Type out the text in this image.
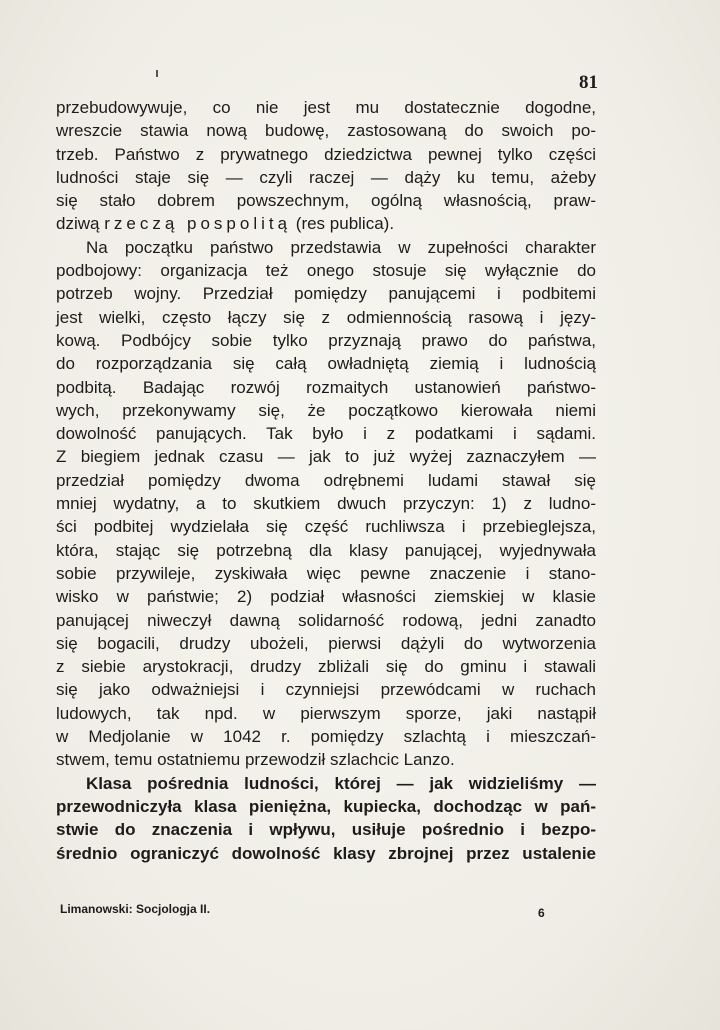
81
przebudowywuje, co nie jest mu dostatecznie dogodne,
wreszcie stawia nową budowę, zastosowaną do swoich po-
trzeb. Państwo z prywatnego dziedzictwa pewnej tylko części
ludności staje się — czyli raczej — dąży ku temu, ażeby
się stało dobrem powszechnym, ogólną własnością, praw-
dziwą rzeczą pospolitą (res publica).
Na początku państwo przedstawia w zupełności charakter
podbojowy: organizacja też onego stosuje się wyłącznie do
potrzeb wojny. Przedział pomiędzy panującemi i podbitemi
jest wielki, często łączy się z odmiennością rasową i języ-
kową. Podbójcy sobie tylko przyznają prawo do państwa,
do rozporządzania się całą owładniętą ziemią i ludnością
podbitą. Badając rozwój rozmaitych ustanowień państwo-
wych, przekonywamy się, że początkowo kierowała niemi
dowolność panujących. Tak było i z podatkami i sądami.
Z biegiem jednak czasu — jak to już wyżej zaznaczyłem —
przedział pomiędzy dwoma odrębnemi ludami stawał się
mniej wydatny, a to skutkiem dwuch przyczyn: 1) z ludno-
ści podbitej wydzielała się część ruchliwsza i przebieglejsza,
która, stając się potrzebną dla klasy panującej, wyjednywała
sobie przywileje, zyskiwała więc pewne znaczenie i stano-
wisko w państwie; 2) podział własności ziemskiej w klasie
panującej niweczył dawną solidarność rodową, jedni zanadto
się bogacili, drudzy ubożeli, pierwsi dążyli do wytworzenia
z siebie arystokracji, drudzy zbliżali się do gminu i stawali
się jako odważniejsi i czynniejsi przewódcami w ruchach
ludowych, tak npd. w pierwszym sporze, jaki nastąpił
w Medjolanie w 1042 r. pomiędzy szlachtą i mieszczań-
stwem, temu ostatniemu przewodził szlachcic Lanzo.
Klasa pośrednia ludności, której — jak widzieliśmy —
przewodniczyła klasa pieniężna, kupiecka, dochodząc w pań-
stwie do znaczenia i wpływu, usiłuje pośrednio i bezpo-
średnio ograniczyć dowolność klasy zbrojnej przez ustalenie
Limanowski: Socjologja II.	6
